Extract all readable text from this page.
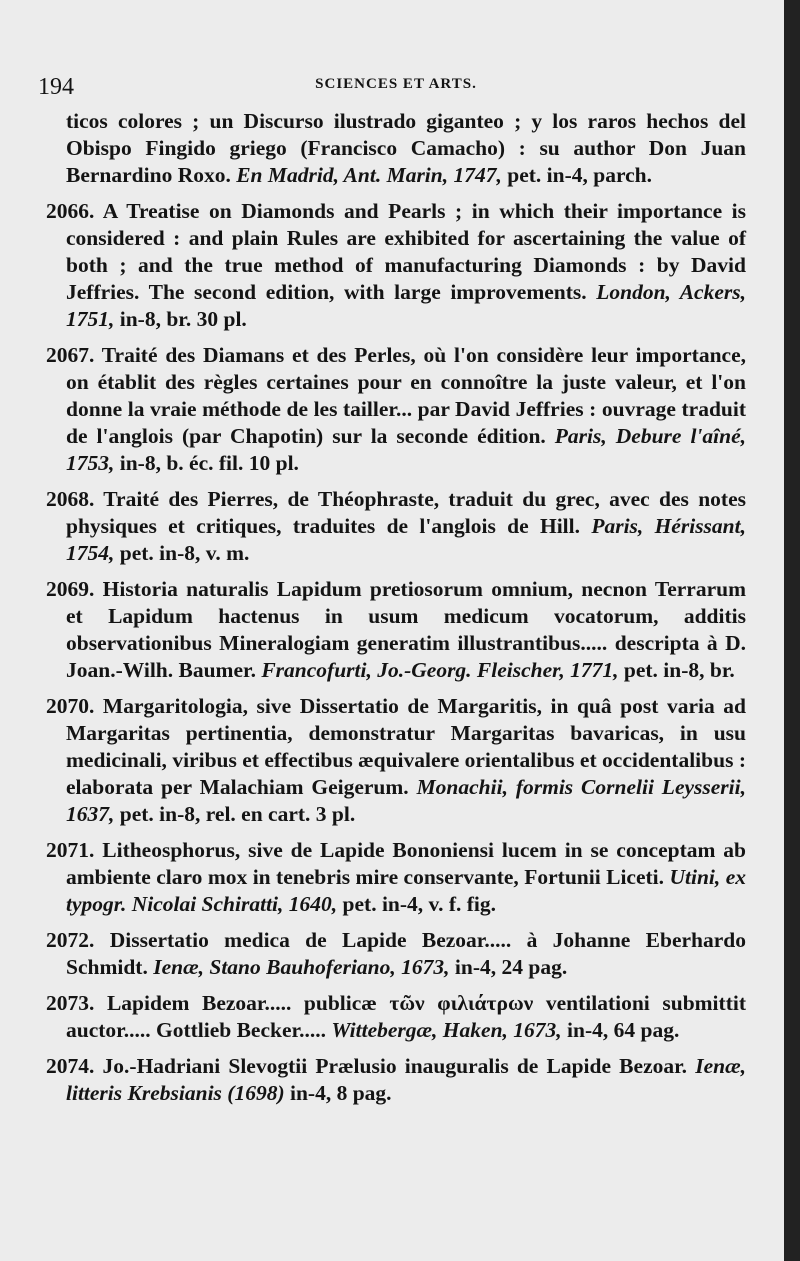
194	SCIENCES ET ARTS.

ticos colores ; un Discurso ilustrado giganteo ; y los raros hechos del Obispo Fingido griego (Francisco Camacho) : su author Don Juan Bernardino Roxo. En Madrid, Ant. Marin, 1747, pet. in-4, parch.

2066. A Treatise on Diamonds and Pearls ; in which their importance is considered : and plain Rules are exhibited for ascertaining the value of both ; and the true method of manufacturing Diamonds : by David Jeffries. The second edition, with large improvements. London, Ackers, 1751, in-8, br. 30 pl.

2067. Traité des Diamans et des Perles, où l'on considère leur importance, on établit des règles certaines pour en connoître la juste valeur, et l'on donne la vraie méthode de les tailler... par David Jeffries : ouvrage traduit de l'anglois (par Chapotin) sur la seconde édition. Paris, Debure l'aîné, 1753, in-8, b. éc. fil. 10 pl.

2068. Traité des Pierres, de Théophraste, traduit du grec, avec des notes physiques et critiques, traduites de l'anglois de Hill. Paris, Hérissant, 1754, pet. in-8, v. m.

2069. Historia naturalis Lapidum pretiosorum omnium, necnon Terrarum et Lapidum hactenus in usum medicum vocatorum, additis observationibus Mineralogiam generatim illustrantibus..... descripta à D. Joan.-Wilh. Baumer. Francofurti, Jo.-Georg. Fleischer, 1771, pet. in-8, br.

2070. Margaritologia, sive Dissertatio de Margaritis, in quâ post varia ad Margaritas pertinentia, demonstratur Margaritas bavaricas, in usu medicinali, viribus et effectibus æquivalere orientalibus et occidentalibus : elaborata per Malachiam Geigerum. Monachii, formis Cornelii Leysserii, 1637, pet. in-8, rel. en cart. 3 pl.

2071. Litheosphorus, sive de Lapide Bononiensi lucem in se conceptam ab ambiente claro mox in tenebris mire conservante, Fortunii Liceti. Utini, ex typogr. Nicolai Schiratti, 1640, pet. in-4, v. f. fig.

2072. Dissertatio medica de Lapide Bezoar..... à Johanne Eberhardo Schmidt. Ienæ, Stano Bauhoferiano, 1673, in-4, 24 pag.

2073. Lapidem Bezoar..... publicæ τῶν φιλιάτρων ventilationi submittit auctor..... Gottlieb Becker..... Wittebergæ, Haken, 1673, in-4, 64 pag.

2074. Jo.-Hadriani Slevogtii Prælusio inauguralis de Lapide Bezoar. Ienæ, litteris Krebsianis (1698) in-4, 8 pag.
